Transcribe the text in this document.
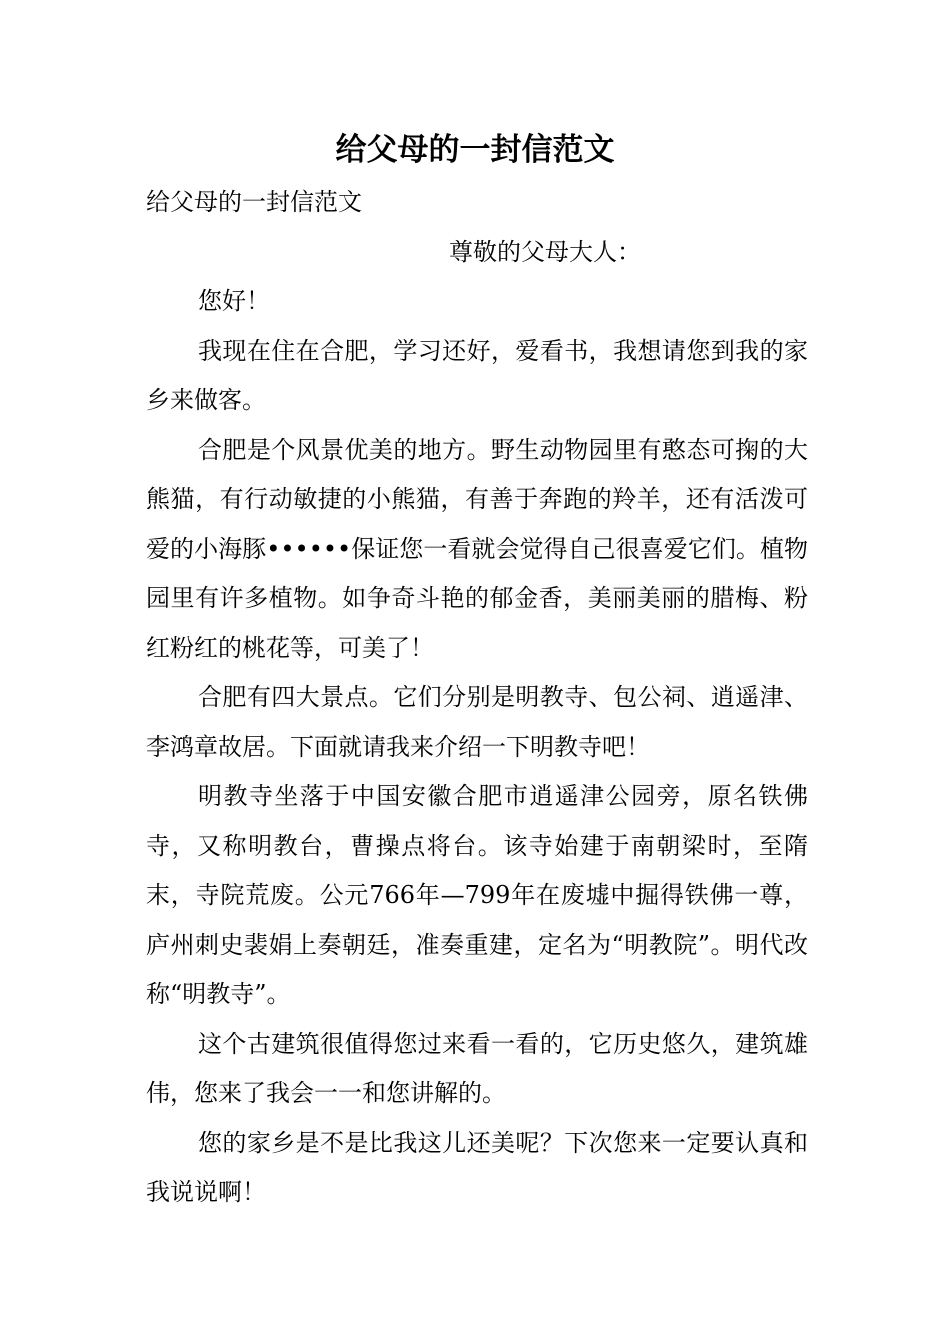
给父母的一封信范文

给父母的一封信范文

尊敬的父母大人：

您好！

我现在住在合肥，学习还好，爱看书，我想请您到我的家乡来做客。

合肥是个风景优美的地方。野生动物园里有憨态可掬的大熊猫，有行动敏捷的小熊猫，有善于奔跑的羚羊，还有活泼可爱的小海豚••••••保证您一看就会觉得自己很喜爱它们。植物园里有许多植物。如争奇斗艳的郁金香，美丽美丽的腊梅、粉红粉红的桃花等，可美了！

合肥有四大景点。它们分别是明教寺、包公祠、逍遥津、李鸿章故居。下面就请我来介绍一下明教寺吧！

明教寺坐落于中国安徽合肥市逍遥津公园旁，原名铁佛寺，又称明教台，曹操点将台。该寺始建于南朝梁时，至隋末，寺院荒废。公元766年—799年在废墟中掘得铁佛一尊，庐州刺史裴娟上奏朝廷，准奏重建，定名为“明教院”。明代改称“明教寺”。

这个古建筑很值得您过来看一看的，它历史悠久，建筑雄伟，您来了我会一一和您讲解的。

您的家乡是不是比我这儿还美呢？下次您来一定要认真和我说说啊！
